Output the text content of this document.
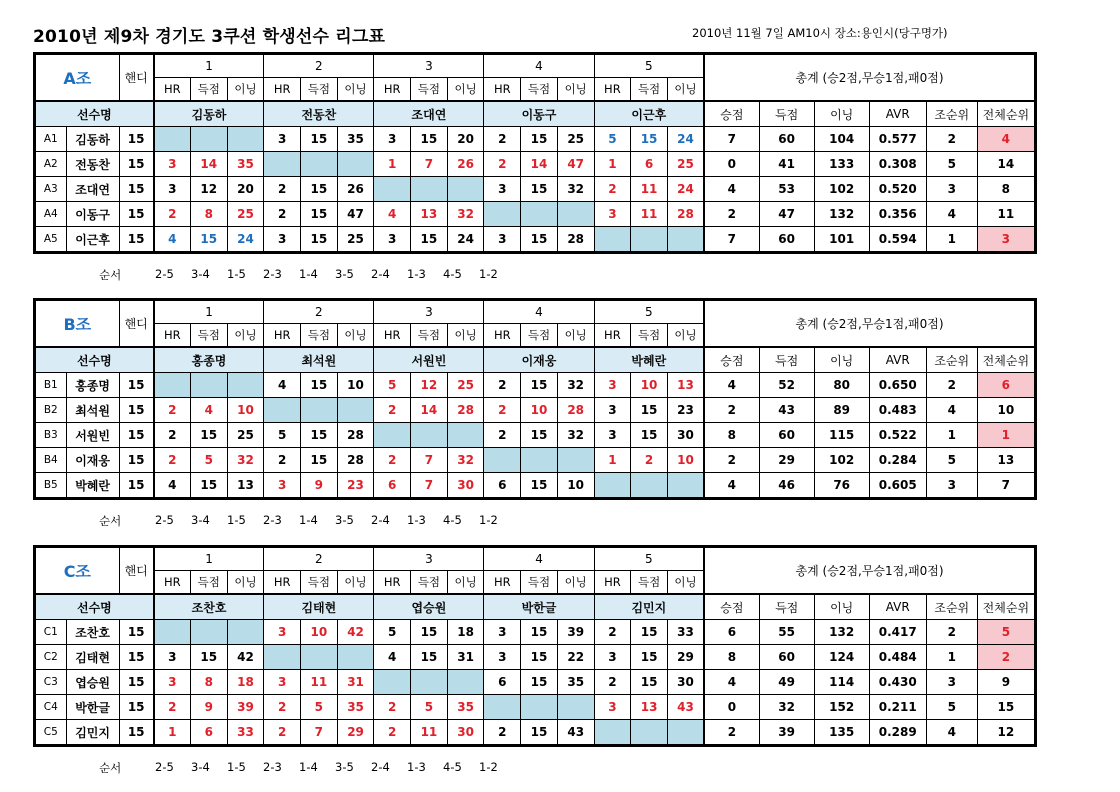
2010년 제9차 경기도 3쿠션 학생선수 리그표	2010년 11월 7일 AM10시 장소:용인시(당구명가)
A조		핸디	1			2			3			4			5			총계 (승2점,무승1점,패0점)					
			HR	득점	이닝	HR	득점	이닝	HR	득점	이닝	HR	득점	이닝	HR	득점	이닝						
선수명			김동하			전동찬			조대연			이동구			이근후			승점	득점	이닝	AVR	조순위	전체순위
A1	김동하	15				3	15	35	3	15	20	2	15	25	5	15	24	7	60	104	0.577	2	4
A2	전동찬	15	3	14	35				1	7	26	2	14	47	1	6	25	0	41	133	0.308	5	14
A3	조대연	15	3	12	20	2	15	26				3	15	32	2	11	24	4	53	102	0.520	3	8
A4	이동구	15	2	8	25	2	15	47	4	13	32				3	11	28	2	47	132	0.356	4	11
A5	이근후	15	4	15	24	3	15	25	3	15	24	3	15	28				7	60	101	0.594	1	3
순서	2-5 3-4 1-5 2-3 1-4 3-5 2-4 1-3 4-5 1-2
B조		핸디	1			2			3			4			5			총계 (승2점,무승1점,패0점)					
			HR	득점	이닝	HR	득점	이닝	HR	득점	이닝	HR	득점	이닝	HR	득점	이닝						
선수명			홍종명			최석원			서원빈			이재웅			박혜란			승점	득점	이닝	AVR	조순위	전체순위
B1	홍종명	15				4	15	10	5	12	25	2	15	32	3	10	13	4	52	80	0.650	2	6
B2	최석원	15	2	4	10				2	14	28	2	10	28	3	15	23	2	43	89	0.483	4	10
B3	서원빈	15	2	15	25	5	15	28				2	15	32	3	15	30	8	60	115	0.522	1	1
B4	이재웅	15	2	5	32	2	15	28	2	7	32				1	2	10	2	29	102	0.284	5	13
B5	박혜란	15	4	15	13	3	9	23	6	7	30	6	15	10				4	46	76	0.605	3	7
순서	2-5 3-4 1-5 2-3 1-4 3-5 2-4 1-3 4-5 1-2
C조		핸디	1			2			3			4			5			총계 (승2점,무승1점,패0점)					
			HR	득점	이닝	HR	득점	이닝	HR	득점	이닝	HR	득점	이닝	HR	득점	이닝						
선수명			조찬호			김태현			엽승원			박한글			김민지			승점	득점	이닝	AVR	조순위	전체순위
C1	조찬호	15				3	10	42	5	15	18	3	15	39	2	15	33	6	55	132	0.417	2	5
C2	김태현	15	3	15	42				4	15	31	3	15	22	3	15	29	8	60	124	0.484	1	2
C3	엽승원	15	3	8	18	3	11	31				6	15	35	2	15	30	4	49	114	0.430	3	9
C4	박한글	15	2	9	39	2	5	35	2	5	35				3	13	43	0	32	152	0.211	5	15
C5	김민지	15	1	6	33	2	7	29	2	11	30	2	15	43				2	39	135	0.289	4	12
순서	2-5 3-4 1-5 2-3 1-4 3-5 2-4 1-3 4-5 1-2
